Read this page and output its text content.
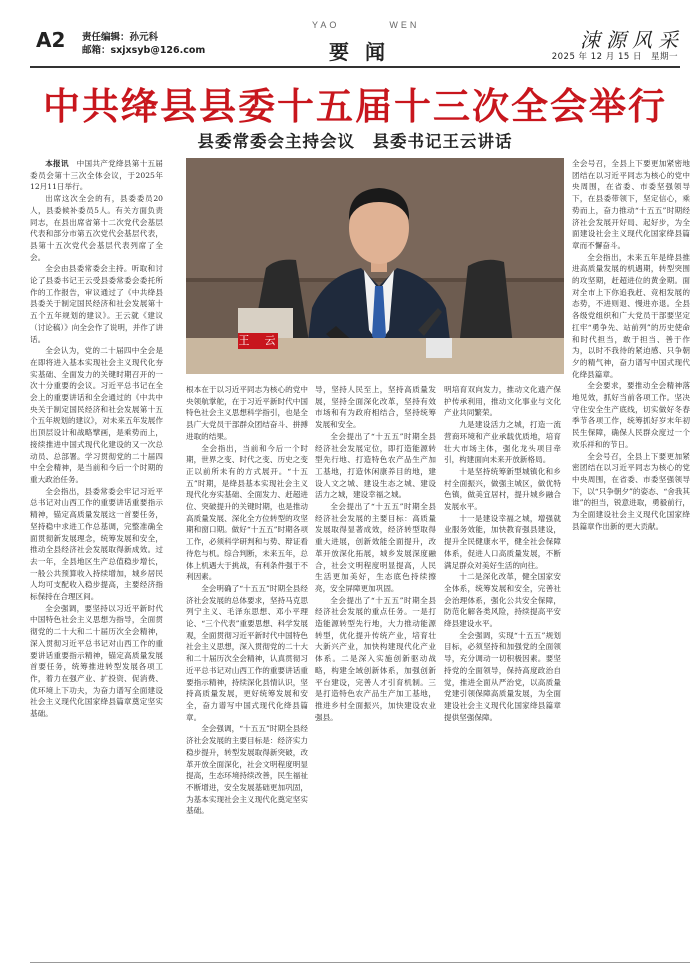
A2 责任编辑：孙元科
邮箱：sxjxsyb@126.com
YAO	WEN
要闻	涑源风采
2025 年 12 月 15 日　星期一
中共绛县县委十五届十三次全会举行
县委常委会主持会议　县委书记王云讲话
王　云

本报讯　中国共产党绛县第十五届委员会第十三次全体会议，于2025年12月11日举行。

出席这次全会的有，县委委员20人，县委候补委员5人。有关方面负责同志，在县出席省第十二次党代会基层代表和部分市第五次党代会基层代表，县第十五次党代会基层代表列席了全会。

全会由县委常委会主持。听取和讨论了县委书记王云受县委常委会委托所作的工作报告，审议通过了《中共绛县县委关于制定国民经济和社会发展第十五个五年规划的建议》。王云就《建议（讨论稿）》向全会作了说明，并作了讲话。

全会认为，党的二十届四中全会是在即将进入基本实现社会主义现代化夯实基础、全面发力的关键时期召开的一次十分重要的会议。习近平总书记在全会上的重要讲话和全会通过的《中共中央关于制定国民经济和社会发展第十五个五年规划的建议》，对未来五年发展作出顶层设计和战略擘画，是乘势而上，接续推进中国式现代化建设的又一次总动员、总部署。学习贯彻党的二十届四中全会精神，是当前和今后一个时期的重大政治任务。

全会指出，县委常委会牢记习近平总书记对山西工作的重要讲话重要指示精神，锚定高质量发展这一首要任务，坚持稳中求进工作总基调，完整准确全面贯彻新发展理念，统筹发展和安全，推动全县经济社会发展取得新成效。过去一年，全县地区生产总值稳步增长，一般公共预算收入持续增加，城乡居民人均可支配收入稳步提高，主要经济指标保持在合理区间。

全会强调，要坚持以习近平新时代中国特色社会主义思想为指导，全面贯彻党的二十大和二十届历次全会精神，深入贯彻习近平总书记对山西工作的重要讲话重要指示精神，锚定高质量发展首要任务，统筹推进转型发展各项工作，着力在强产业、扩投资、促消费、优环境上下功夫，为奋力谱写全面建设社会主义现代化国家绛县篇章奠定坚实基础。

根本在于以习近平同志为核心的党中央领航掌舵，在于习近平新时代中国特色社会主义思想科学指引，也是全县广大党员干部群众团结奋斗、拼搏进取的结果。

全会指出，当前和今后一个时期，世界之变、时代之变、历史之变正以前所未有的方式展开。“十五五”时期，是绛县基本实现社会主义现代化夯实基础、全面发力、赶超进位、突破提升的关键时期，也是推动高质量发展、深化全方位转型的攻坚期和窗口期。做好“十五五”时期各项工作，必须科学研判和与势、辩证看待危与机。综合判断，未来五年，总体上机遇大于挑战，有利条件强于不利因素。

全会明确了“十五五”时期全县经济社会发展的总体要求，坚持马克思列宁主义、毛泽东思想、邓小平理论、“三个代表”重要思想、科学发展观，全面贯彻习近平新时代中国特色社会主义思想，深入贯彻党的二十大和二十届历次全会精神，认真贯彻习近平总书记对山西工作的重要讲话重要指示精神，持续深化县情认识，坚持高质量发展，更好统筹发展和安全，奋力谱写中国式现代化绛县篇章。

全会强调，“十五五”时期全县经济社会发展的主要目标是：经济实力稳步提升，转型发展取得新突破，改革开放全面深化，社会文明程度明显提高，生态环境持续改善，民生福祉不断增进，安全发展基础更加巩固，为基本实现社会主义现代化奠定坚实基础。

导，坚持人民至上，坚持高质量发展，坚持全面深化改革，坚持有效市场和有为政府相结合，坚持统筹发展和安全。

全会提出了“十五五”时期全县经济社会发展定位，即打造能源转型先行地、打造特色农产品生产加工基地，打造休闲康养目的地，建设人文之城、建设生态之城、建设活力之城，建设幸福之城。

全会提出了“十五五”时期全县经济社会发展的主要目标：高质量发展取得显著成效，经济转型取得重大进展，创新效能全面提升，改革开放深化拓展，城乡发展深度融合，社会文明程度明显提高，人民生活更加美好，生态底色持续擦亮，安全屏障更加巩固。

全会提出了“十五五”时期全县经济社会发展的重点任务。一是打造能源转型先行地，大力推动能源转型，优化提升传统产业，培育壮大新兴产业，加快构建现代化产业体系。二是深入实施创新驱动战略，构建全域创新体系，加强创新平台建设，完善人才引育机制。三是打造特色农产品生产加工基地，推进乡村全面振兴，加快建设农业强县。

明培育双向发力，推动文化遗产保护传承利用，推动文化事业与文化产业共同繁荣。

九是建设活力之城，打造一流营商环境和产业承载优质地，培育壮大市场主体，强化龙头项目牵引，构建面向未来开放新格局。

十是坚持统筹新型城镇化和乡村全面振兴，做强主城区，做优特色镇，做美宜居村，提升城乡融合发展水平。

十一是建设幸福之城，增强就业服务效能，加快教育强县建设，提升全民健康水平，健全社会保障体系，促进人口高质量发展，不断满足群众对美好生活的向往。

十二是深化改革，健全国家安全体系，统筹发展和安全，完善社会治理体系，强化公共安全保障，防范化解各类风险，持续提高平安绛县建设水平。

全会强调，实现“十五五”规划目标，必须坚持和加强党的全面领导，充分调动一切积极因素。要坚持党的全面领导，保持高度政治自觉，推进全面从严治党，以高质量党建引领保障高质量发展，为全面建设社会主义现代化国家绛县篇章提供坚强保障。

全会号召，全县上下要更加紧密地团结在以习近平同志为核心的党中央周围，在省委、市委坚强领导下，在县委带领下，坚定信心，乘势而上，奋力推动“十五五”时期经济社会发展开好局、起好步，为全面建设社会主义现代化国家绛县篇章而不懈奋斗。

全会指出，未来五年是绛县推进高质量发展的机遇期，转型突围的攻坚期，赶超进位的黄金期。面对全市上下你追我赶、竞相发展的态势，不进则退、慢进亦退。全县各级党组织和广大党员干部要坚定扛牢“勇争先、站前列”的历史使命和时代担当，敢于担当、善于作为，以时不我待的紧迫感、只争朝夕的精气神，奋力谱写中国式现代化绛县篇章。

全会要求，要推动全会精神落地见效，抓好当前各项工作。坚决守住安全生产底线，切实做好冬春季节各项工作，统筹抓好岁末年初民生保障，确保人民群众度过一个欢乐祥和的节日。

全会号召，全县上下要更加紧密团结在以习近平同志为核心的党中央周围，在省委、市委坚强领导下，以“只争朝夕”的姿态、“舍我其谁”的担当，锐意进取，勇毅前行，为全面建设社会主义现代化国家绛县篇章作出新的更大贡献。
